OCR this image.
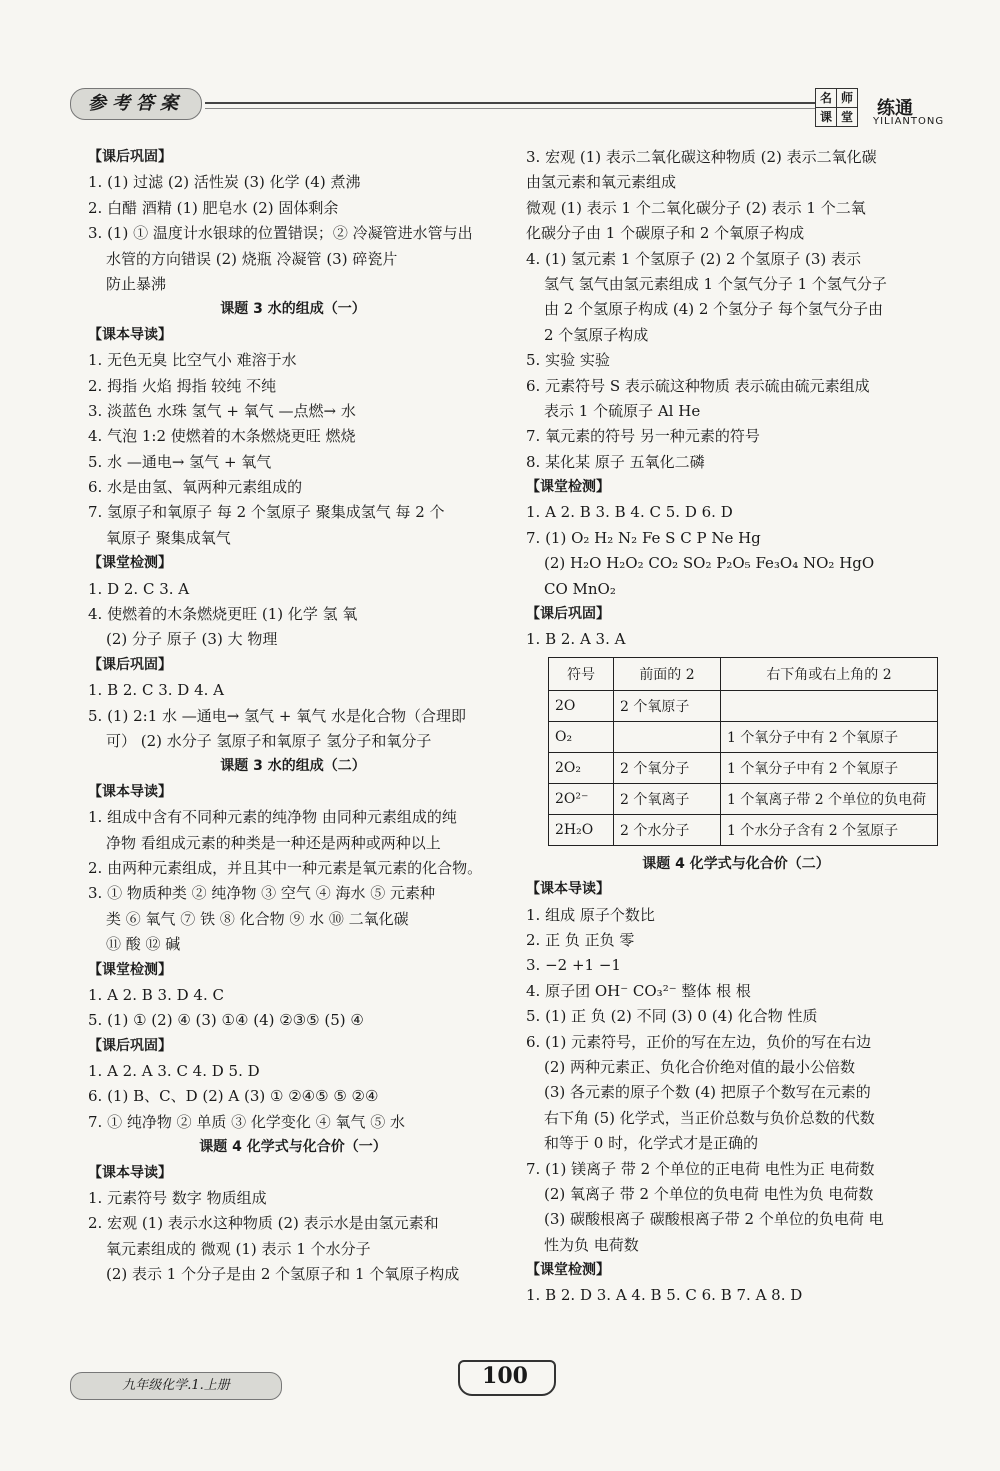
参考答案	名 师
课 堂 练通
YILIANTONG
【课后巩固】
1. (1) 过滤 (2) 活性炭 (3) 化学 (4) 煮沸
2. 白醋 酒精 (1) 肥皂水 (2) 固体剩余
3. (1) ① 温度计水银球的位置错误；② 冷凝管进水管与出
水管的方向错误 (2) 烧瓶 冷凝管 (3) 碎瓷片
防止暴沸
课题 3 水的组成（一）
【课本导读】
1. 无色无臭 比空气小 难溶于水
2. 拇指 火焰 拇指 较纯 不纯
3. 淡蓝色 水珠 氢气 + 氧气 —点燃→ 水
4. 气泡 1:2 使燃着的木条燃烧更旺 燃烧
5. 水 —通电→ 氢气 + 氧气
6. 水是由氢、氧两种元素组成的
7. 氢原子和氧原子 每 2 个氢原子 聚集成氢气 每 2 个
氧原子 聚集成氧气
【课堂检测】
1. D 2. C 3. A
4. 使燃着的木条燃烧更旺 (1) 化学 氢 氧
(2) 分子 原子 (3) 大 物理
【课后巩固】
1. B 2. C 3. D 4. A
5. (1) 2:1 水 —通电→ 氢气 + 氧气 水是化合物（合理即
可） (2) 水分子 氢原子和氧原子 氢分子和氧分子
课题 3 水的组成（二）
【课本导读】
1. 组成中含有不同种元素的纯净物 由同种元素组成的纯
净物 看组成元素的种类是一种还是两种或两种以上
2. 由两种元素组成，并且其中一种元素是氧元素的化合物。
3. ① 物质种类 ② 纯净物 ③ 空气 ④ 海水 ⑤ 元素种
类 ⑥ 氧气 ⑦ 铁 ⑧ 化合物 ⑨ 水 ⑩ 二氧化碳
⑪ 酸 ⑫ 碱
【课堂检测】
1. A 2. B 3. D 4. C
5. (1) ① (2) ④ (3) ①④ (4) ②③⑤ (5) ④
【课后巩固】
1. A 2. A 3. C 4. D 5. D
6. (1) B、C、D (2) A (3) ① ②④⑤ ⑤ ②④
7. ① 纯净物 ② 单质 ③ 化学变化 ④ 氧气 ⑤ 水
课题 4 化学式与化合价（一）
【课本导读】
1. 元素符号 数字 物质组成
2. 宏观 (1) 表示水这种物质 (2) 表示水是由氢元素和
氧元素组成的 微观 (1) 表示 1 个水分子
(2) 表示 1 个分子是由 2 个氢原子和 1 个氧原子构成
3. 宏观 (1) 表示二氧化碳这种物质 (2) 表示二氧化碳
由氢元素和氧元素组成
微观 (1) 表示 1 个二氧化碳分子 (2) 表示 1 个二氧
化碳分子由 1 个碳原子和 2 个氧原子构成
4. (1) 氢元素 1 个氢原子 (2) 2 个氢原子 (3) 表示
氢气 氢气由氢元素组成 1 个氢气分子 1 个氢气分子
由 2 个氢原子构成 (4) 2 个氢分子 每个氢气分子由
2 个氢原子构成
5. 实验 实验
6. 元素符号 S 表示硫这种物质 表示硫由硫元素组成
表示 1 个硫原子 Al He
7. 氧元素的符号 另一种元素的符号
8. 某化某 原子 五氧化二磷
【课堂检测】
1. A 2. B 3. B 4. C 5. D 6. D
7. (1) O₂ H₂ N₂ Fe S C P Ne Hg
(2) H₂O H₂O₂ CO₂ SO₂ P₂O₅ Fe₃O₄ NO₂ HgO
CO MnO₂
【课后巩固】
1. B 2. A 3. A
符号	前面的 2	右下角或右上角的 2
2O	2 个氧原子	
O₂		1 个氧分子中有 2 个氧原子
2O₂	2 个氧分子	1 个氧分子中有 2 个氧原子
2O²⁻	2 个氧离子	1 个氧离子带 2 个单位的负电荷
2H₂O	2 个水分子	1 个水分子含有 2 个氢原子
课题 4 化学式与化合价（二）
【课本导读】
1. 组成 原子个数比
2. 正 负 正负 零
3. −2 +1 −1
4. 原子团 OH⁻ CO₃²⁻ 整体 根 根
5. (1) 正 负 (2) 不同 (3) 0 (4) 化合物 性质
6. (1) 元素符号，正价的写在左边，负价的写在右边
(2) 两种元素正、负化合价绝对值的最小公倍数
(3) 各元素的原子个数 (4) 把原子个数写在元素的
右下角 (5) 化学式，当正价总数与负价总数的代数
和等于 0 时，化学式才是正确的
7. (1) 镁离子 带 2 个单位的正电荷 电性为正 电荷数
(2) 氧离子 带 2 个单位的负电荷 电性为负 电荷数
(3) 碳酸根离子 碳酸根离子带 2 个单位的负电荷 电
性为负 电荷数
【课堂检测】
1. B 2. D 3. A 4. B 5. C 6. B 7. A 8. D
九年级化学.1.上册	100
